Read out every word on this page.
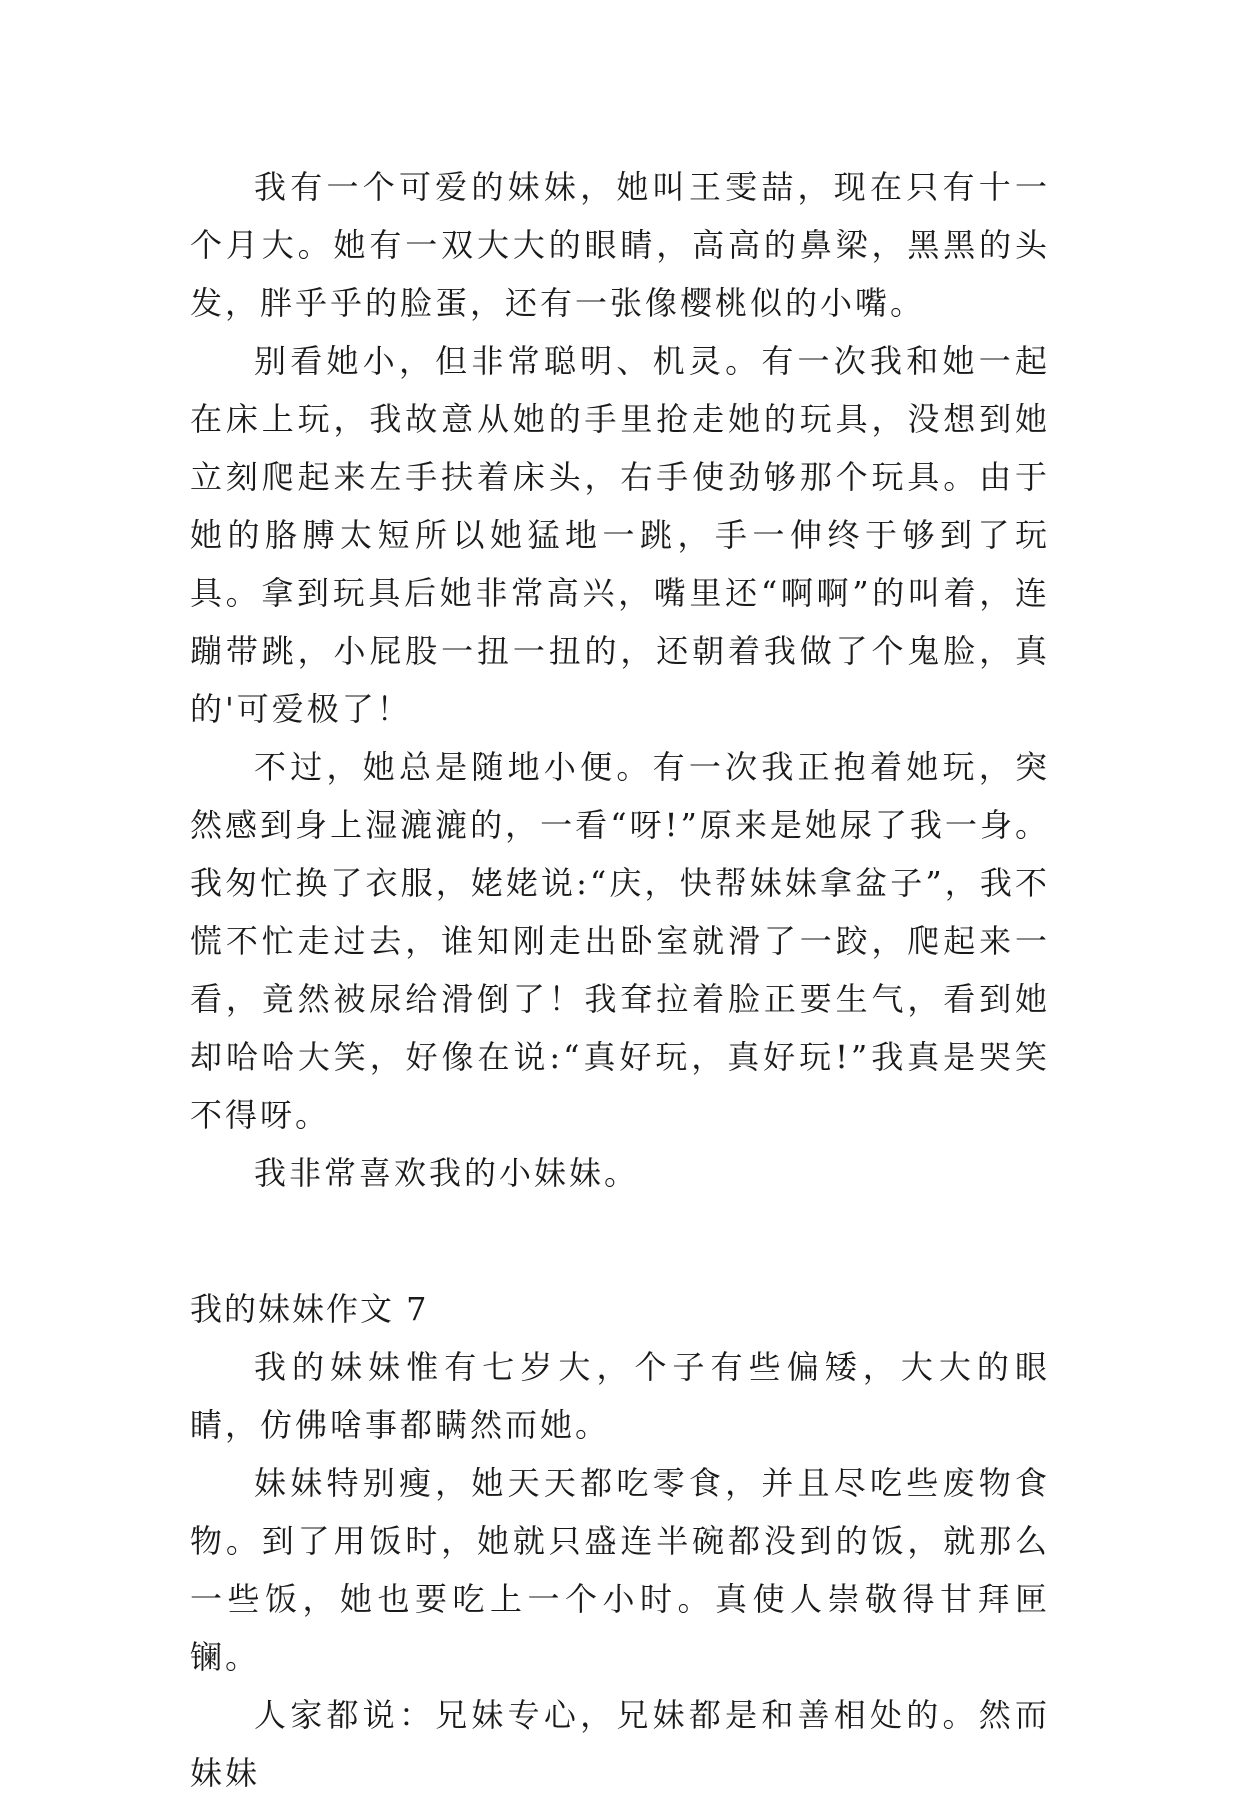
我有一个可爱的妹妹，她叫王雯喆，现在只有十一个月大。她有一双大大的眼睛，高高的鼻梁，黑黑的头发，胖乎乎的脸蛋，还有一张像樱桃似的小嘴。

别看她小，但非常聪明、机灵。有一次我和她一起在床上玩，我故意从她的手里抢走她的玩具，没想到她立刻爬起来左手扶着床头，右手使劲够那个玩具。由于她的胳膊太短所以她猛地一跳，手一伸终于够到了玩具。拿到玩具后她非常高兴，嘴里还“啊啊”的叫着，连蹦带跳，小屁股一扭一扭的，还朝着我做了个鬼脸，真的'可爱极了！

不过，她总是随地小便。有一次我正抱着她玩，突然感到身上湿漉漉的，一看“呀!”原来是她尿了我一身。我匆忙换了衣服，姥姥说:“庆，快帮妹妹拿盆子”，我不慌不忙走过去，谁知刚走出卧室就滑了一跤，爬起来一看，竟然被尿给滑倒了！我耷拉着脸正要生气，看到她却哈哈大笑，好像在说:“真好玩，真好玩!”我真是哭笑不得呀。

我非常喜欢我的小妹妹。

我的妹妹作文 7

我的妹妹惟有七岁大，个子有些偏矮，大大的眼睛，仿佛啥事都瞒然而她。

妹妹特别瘦，她天天都吃零食，并且尽吃些废物食物。到了用饭时，她就只盛连半碗都没到的饭，就那么一些饭，她也要吃上一个小时。真使人崇敬得甘拜匣镧。

人家都说：兄妹专心，兄妹都是和善相处的。然而妹妹
